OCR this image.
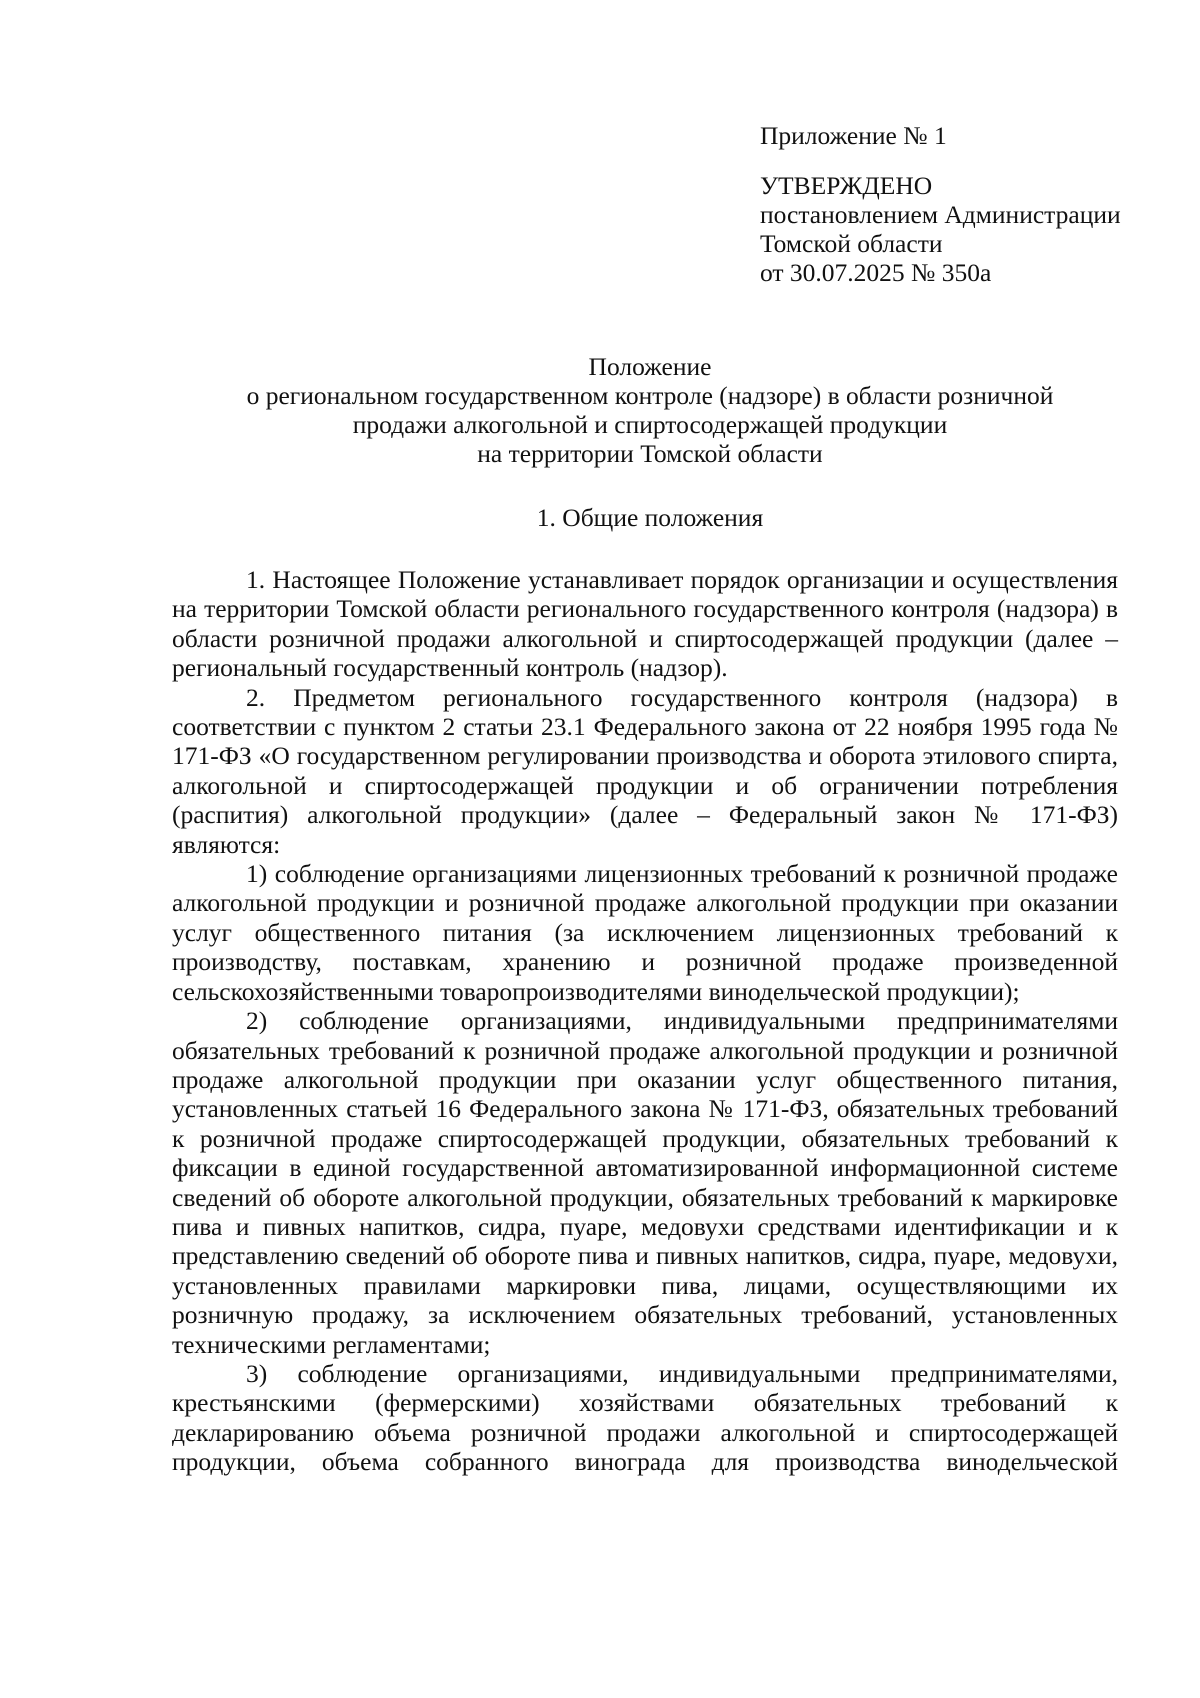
Приложение № 1
УТВЕРЖДЕНО
постановлением Администрации
Томской области
от 30.07.2025 № 350а
Положение
о региональном государственном контроле (надзоре) в области розничной
продажи алкогольной и спиртосодержащей продукции
на территории Томской области
1. Общие положения

1. Настоящее Положение устанавливает порядок организации и осуществления на территории Томской области регионального государственного контроля (надзора) в области розничной продажи алкогольной и спиртосодержащей продукции (далее – региональный государственный контроль (надзор).

2. Предметом регионального государственного контроля (надзора) в соответствии с пунктом 2 статьи 23.1 Федерального закона от 22 ноября 1995 года № 171-ФЗ «О государственном регулировании производства и оборота этилового спирта, алкогольной и спиртосодержащей продукции и об ограничении потребления (распития) алкогольной продукции» (далее – Федеральный закон № 171-ФЗ) являются:

1) соблюдение организациями лицензионных требований к розничной продаже алкогольной продукции и розничной продаже алкогольной продукции при оказании услуг общественного питания (за исключением лицензионных требований к производству, поставкам, хранению и розничной продаже произведенной сельскохозяйственными товаропроизводителями винодельческой продукции);

2) соблюдение организациями, индивидуальными предпринимателями обязательных требований к розничной продаже алкогольной продукции и розничной продаже алкогольной продукции при оказании услуг общественного питания, установленных статьей 16 Федерального закона № 171-ФЗ, обязательных требований к розничной продаже спиртосодержащей продукции, обязательных требований к фиксации в единой государственной автоматизированной информационной системе сведений об обороте алкогольной продукции, обязательных требований к маркировке пива и пивных напитков, сидра, пуаре, медовухи средствами идентификации и к представлению сведений об обороте пива и пивных напитков, сидра, пуаре, медовухи, установленных правилами маркировки пива, лицами, осуществляющими их розничную продажу, за исключением обязательных требований, установленных техническими регламентами;

3) соблюдение организациями, индивидуальными предпринимателями, крестьянскими (фермерскими) хозяйствами обязательных требований к декларированию объема розничной продажи алкогольной и спиртосодержащей продукции, объема собранного винограда для производства винодельческой
